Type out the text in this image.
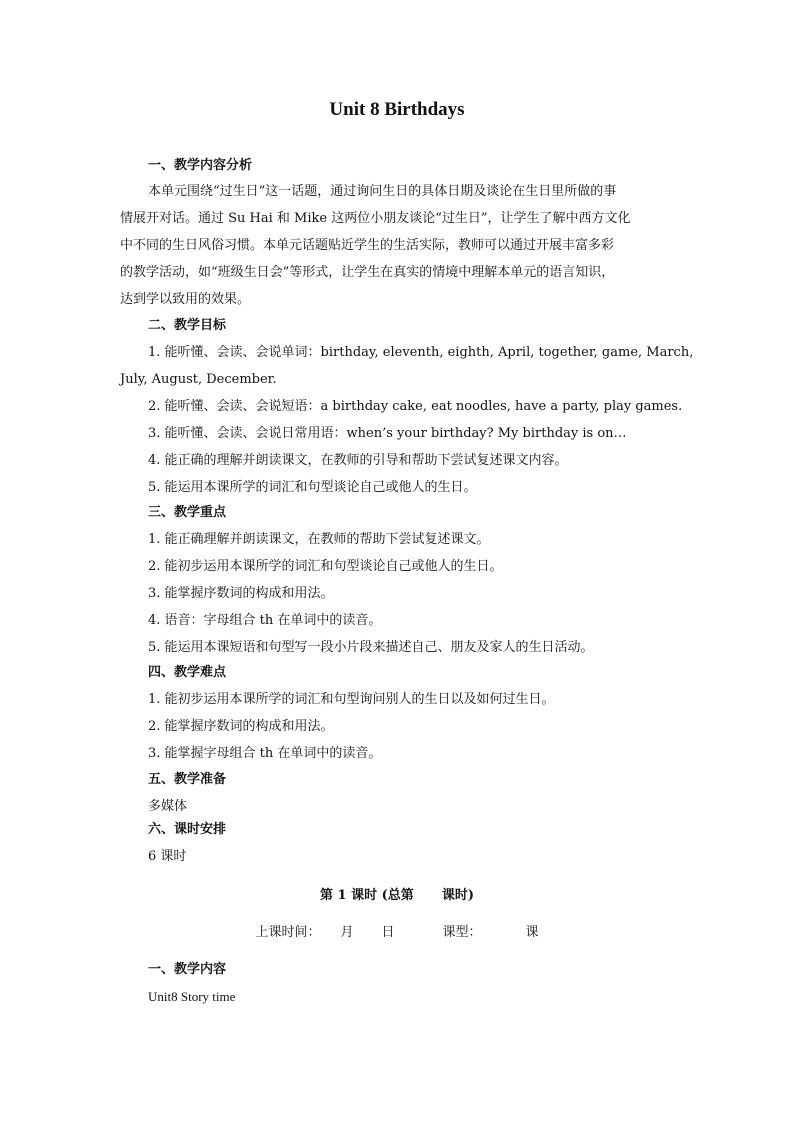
Unit 8 Birthdays
一、教学内容分析
本单元围绕“过生日”这一话题，通过询问生日的具体日期及谈论在生日里所做的事
情展开对话。通过 Su Hai 和 Mike 这两位小朋友谈论“过生日”，让学生了解中西方文化
中不同的生日风俗习惯。本单元话题贴近学生的生活实际，教师可以通过开展丰富多彩
的教学活动，如“班级生日会”等形式，让学生在真实的情境中理解本单元的语言知识，
达到学以致用的效果。
二、教学目标
1. 能听懂、会读、会说单词：birthday, eleventh, eighth, April, together, game, March,
July, August, December.
2. 能听懂、会读、会说短语：a birthday cake, eat noodles, have a party, play games.
3. 能听懂、会读、会说日常用语：when’s your birthday? My birthday is on…
4. 能正确的理解并朗读课文，在教师的引导和帮助下尝试复述课文内容。
5. 能运用本课所学的词汇和句型谈论自己或他人的生日。
三、教学重点
1. 能正确理解并朗读课文，在教师的帮助下尝试复述课文。
2. 能初步运用本课所学的词汇和句型谈论自己或他人的生日。
3. 能掌握序数词的构成和用法。
4. 语音：字母组合 th 在单词中的读音。
5. 能运用本课短语和句型写一段小片段来描述自己、朋友及家人的生日活动。
四、教学难点
1. 能初步运用本课所学的词汇和句型询问别人的生日以及如何过生日。
2. 能掌握序数词的构成和用法。
3. 能掌握字母组合 th 在单词中的读音。
五、教学准备
多媒体
六、课时安排
6 课时
第 1 课时 (总第 课时)
上课时间： 月 日	课型：	课
一、教学内容
Unit8 Story time
